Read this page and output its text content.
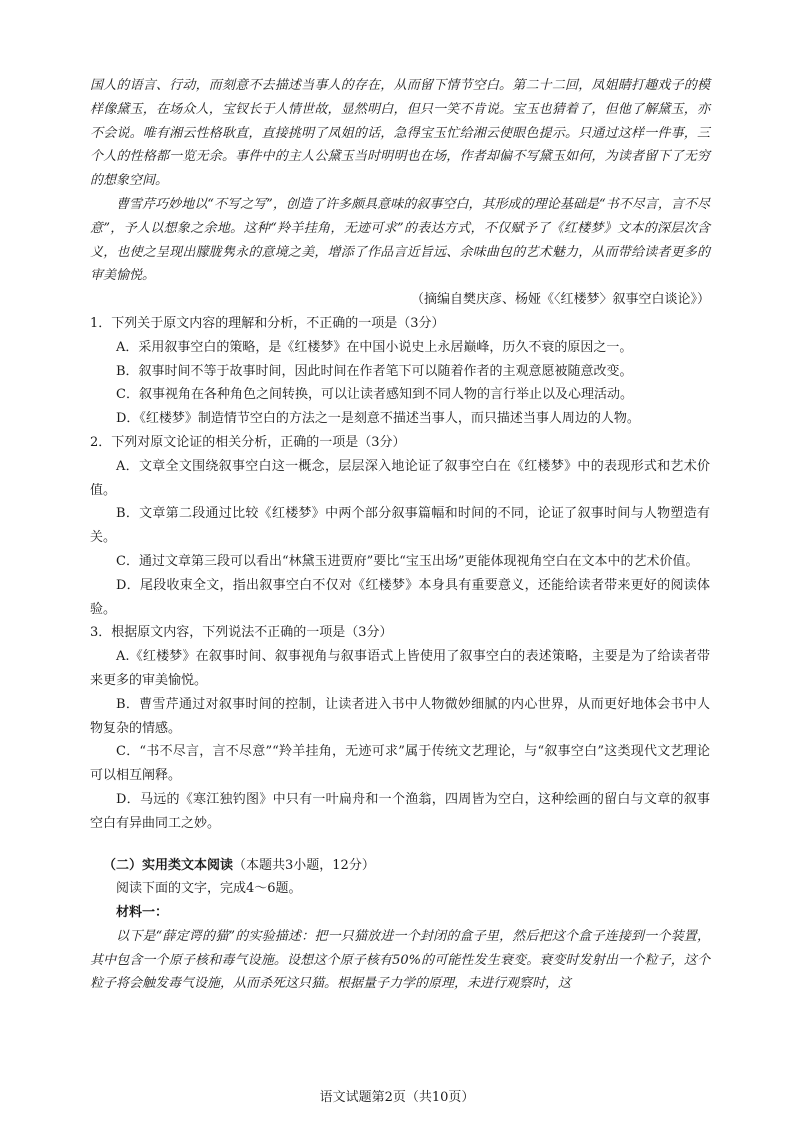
国人的语言、行动，而刻意不去描述当事人的存在，从而留下情节空白。第二十二回，凤姐睛打趣戏子的模样像黛玉，在场众人，宝钗长于人情世故，显然明白，但只一笑不肯说。宝玉也猜着了，但他了解黛玉，亦不会说。唯有湘云性格耿直，直接挑明了凤姐的话，急得宝玉忙给湘云使眼色提示。只通过这样一件事，三个人的性格都一览无余。事件中的主人公黛玉当时明明也在场，作者却偏不写黛玉如何，为读者留下了无穷的想象空间。

曹雪芹巧妙地以“不写之写”，创造了许多颇具意味的叙事空白，其形成的理论基础是“书不尽言，言不尽意”，予人以想象之余地。这种“羚羊挂角，无迹可求”的表达方式，不仅赋予了《红楼梦》文本的深层次含义，也使之呈现出朦胧隽永的意境之美，增添了作品言近旨远、余味曲包的艺术魅力，从而带给读者更多的审美愉悦。

（摘编自樊庆彦、杨娅《〈红楼梦〉叙事空白谈论》）

1．下列关于原文内容的理解和分析，不正确的一项是（3分）

A．采用叙事空白的策略，是《红楼梦》在中国小说史上永居巅峰，历久不衰的原因之一。

B．叙事时间不等于故事时间，因此时间在作者笔下可以随着作者的主观意愿被随意改变。

C．叙事视角在各种角色之间转换，可以让读者感知到不同人物的言行举止以及心理活动。

D．《红楼梦》制造情节空白的方法之一是刻意不描述当事人，而只描述当事人周边的人物。

2．下列对原文论证的相关分析，正确的一项是（3分）

A．文章全文围绕叙事空白这一概念，层层深入地论证了叙事空白在《红楼梦》中的表现形式和艺术价值。

B．文章第二段通过比较《红楼梦》中两个部分叙事篇幅和时间的不同，论证了叙事时间与人物塑造有关。

C．通过文章第三段可以看出“林黛玉进贾府”要比“宝玉出场”更能体现视角空白在文本中的艺术价值。

D．尾段收束全文，指出叙事空白不仅对《红楼梦》本身具有重要意义，还能给读者带来更好的阅读体验。

3．根据原文内容，下列说法不正确的一项是（3分）

A.《红楼梦》在叙事时间、叙事视角与叙事语式上皆使用了叙事空白的表述策略，主要是为了给读者带来更多的审美愉悦。

B．曹雪芹通过对叙事时间的控制，让读者进入书中人物微妙细腻的内心世界，从而更好地体会书中人物复杂的情感。

C．“书不尽言，言不尽意”“羚羊挂角，无迹可求”属于传统文艺理论，与“叙事空白”这类现代文艺理论可以相互阐释。

D．马远的《寒江独钓图》中只有一叶扁舟和一个渔翁，四周皆为空白，这种绘画的留白与文章的叙事空白有异曲同工之妙。

（二）实用类文本阅读（本题共3小题，12分）

阅读下面的文字，完成4～6题。

材料一：

以下是“薛定谔的猫”的实验描述：把一只猫放进一个封闭的盒子里，然后把这个盒子连接到一个装置，其中包含一个原子核和毒气设施。设想这个原子核有50%的可能性发生衰变。衰变时发射出一个粒子，这个粒子将会触发毒气设施，从而杀死这只猫。根据量子力学的原理，未进行观察时，这

语文试题第2页（共10页）
